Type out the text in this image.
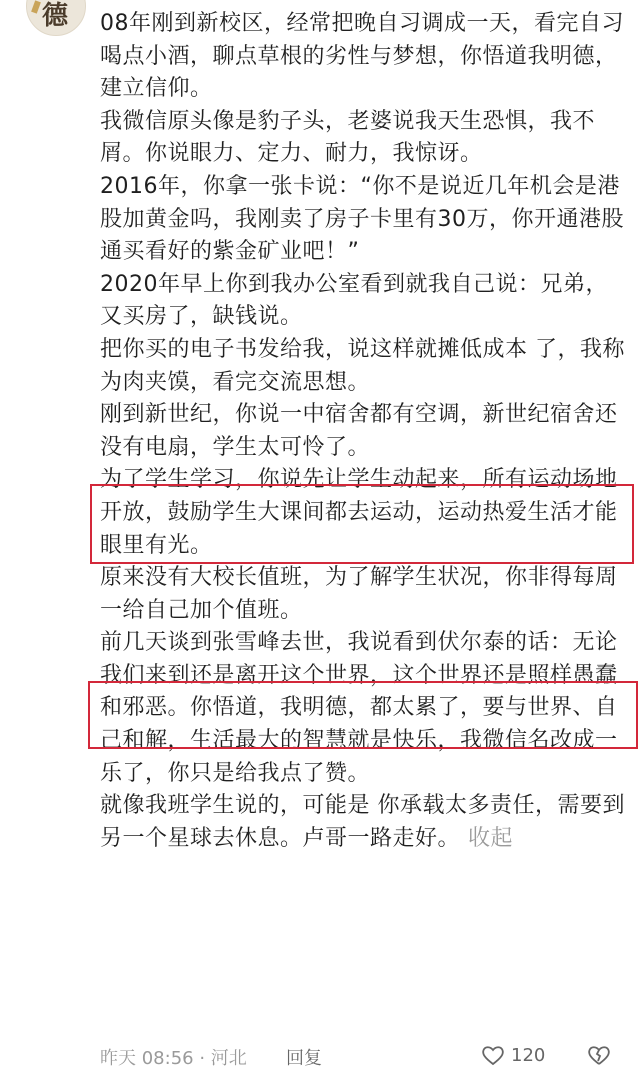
德 08年刚到新校区，经常把晚自习调成一天，看完自习喝点小酒，聊点草根的劣性与梦想，你悟道我明德，建立信仰。

我微信原头像是豹子头，老婆说我天生恐惧，我不屑。你说眼力、定力、耐力，我惊讶。

2016年，你拿一张卡说：“你不是说近几年机会是港股加黄金吗，我刚卖了房子卡里有30万，你开通港股通买看好的紫金矿业吧！”

2020年早上你到我办公室看到就我自己说：兄弟，又买房了，缺钱说。

把你买的电子书发给我，说这样就摊低成本 了，我称为肉夹馍，看完交流思想。

刚到新世纪，你说一中宿舍都有空调，新世纪宿舍还没有电扇，学生太可怜了。

为了学生学习，你说先让学生动起来，所有运动场地开放，鼓励学生大课间都去运动，运动热爱生活才能眼里有光。

原来没有大校长值班，为了解学生状况，你非得每周一给自己加个值班。

前几天谈到张雪峰去世，我说看到伏尔泰的话：无论我们来到还是离开这个世界，这个世界还是照样愚蠢和邪恶。你悟道，我明德，都太累了，要与世界、自己和解，生活最大的智慧就是快乐，我微信名改成一乐了，你只是给我点了赞。

就像我班学生说的，可能是 你承载太多责任，需要到另一个星球去休息。卢哥一路走好。 收起

昨天 08:56 · 河北 回复	120
